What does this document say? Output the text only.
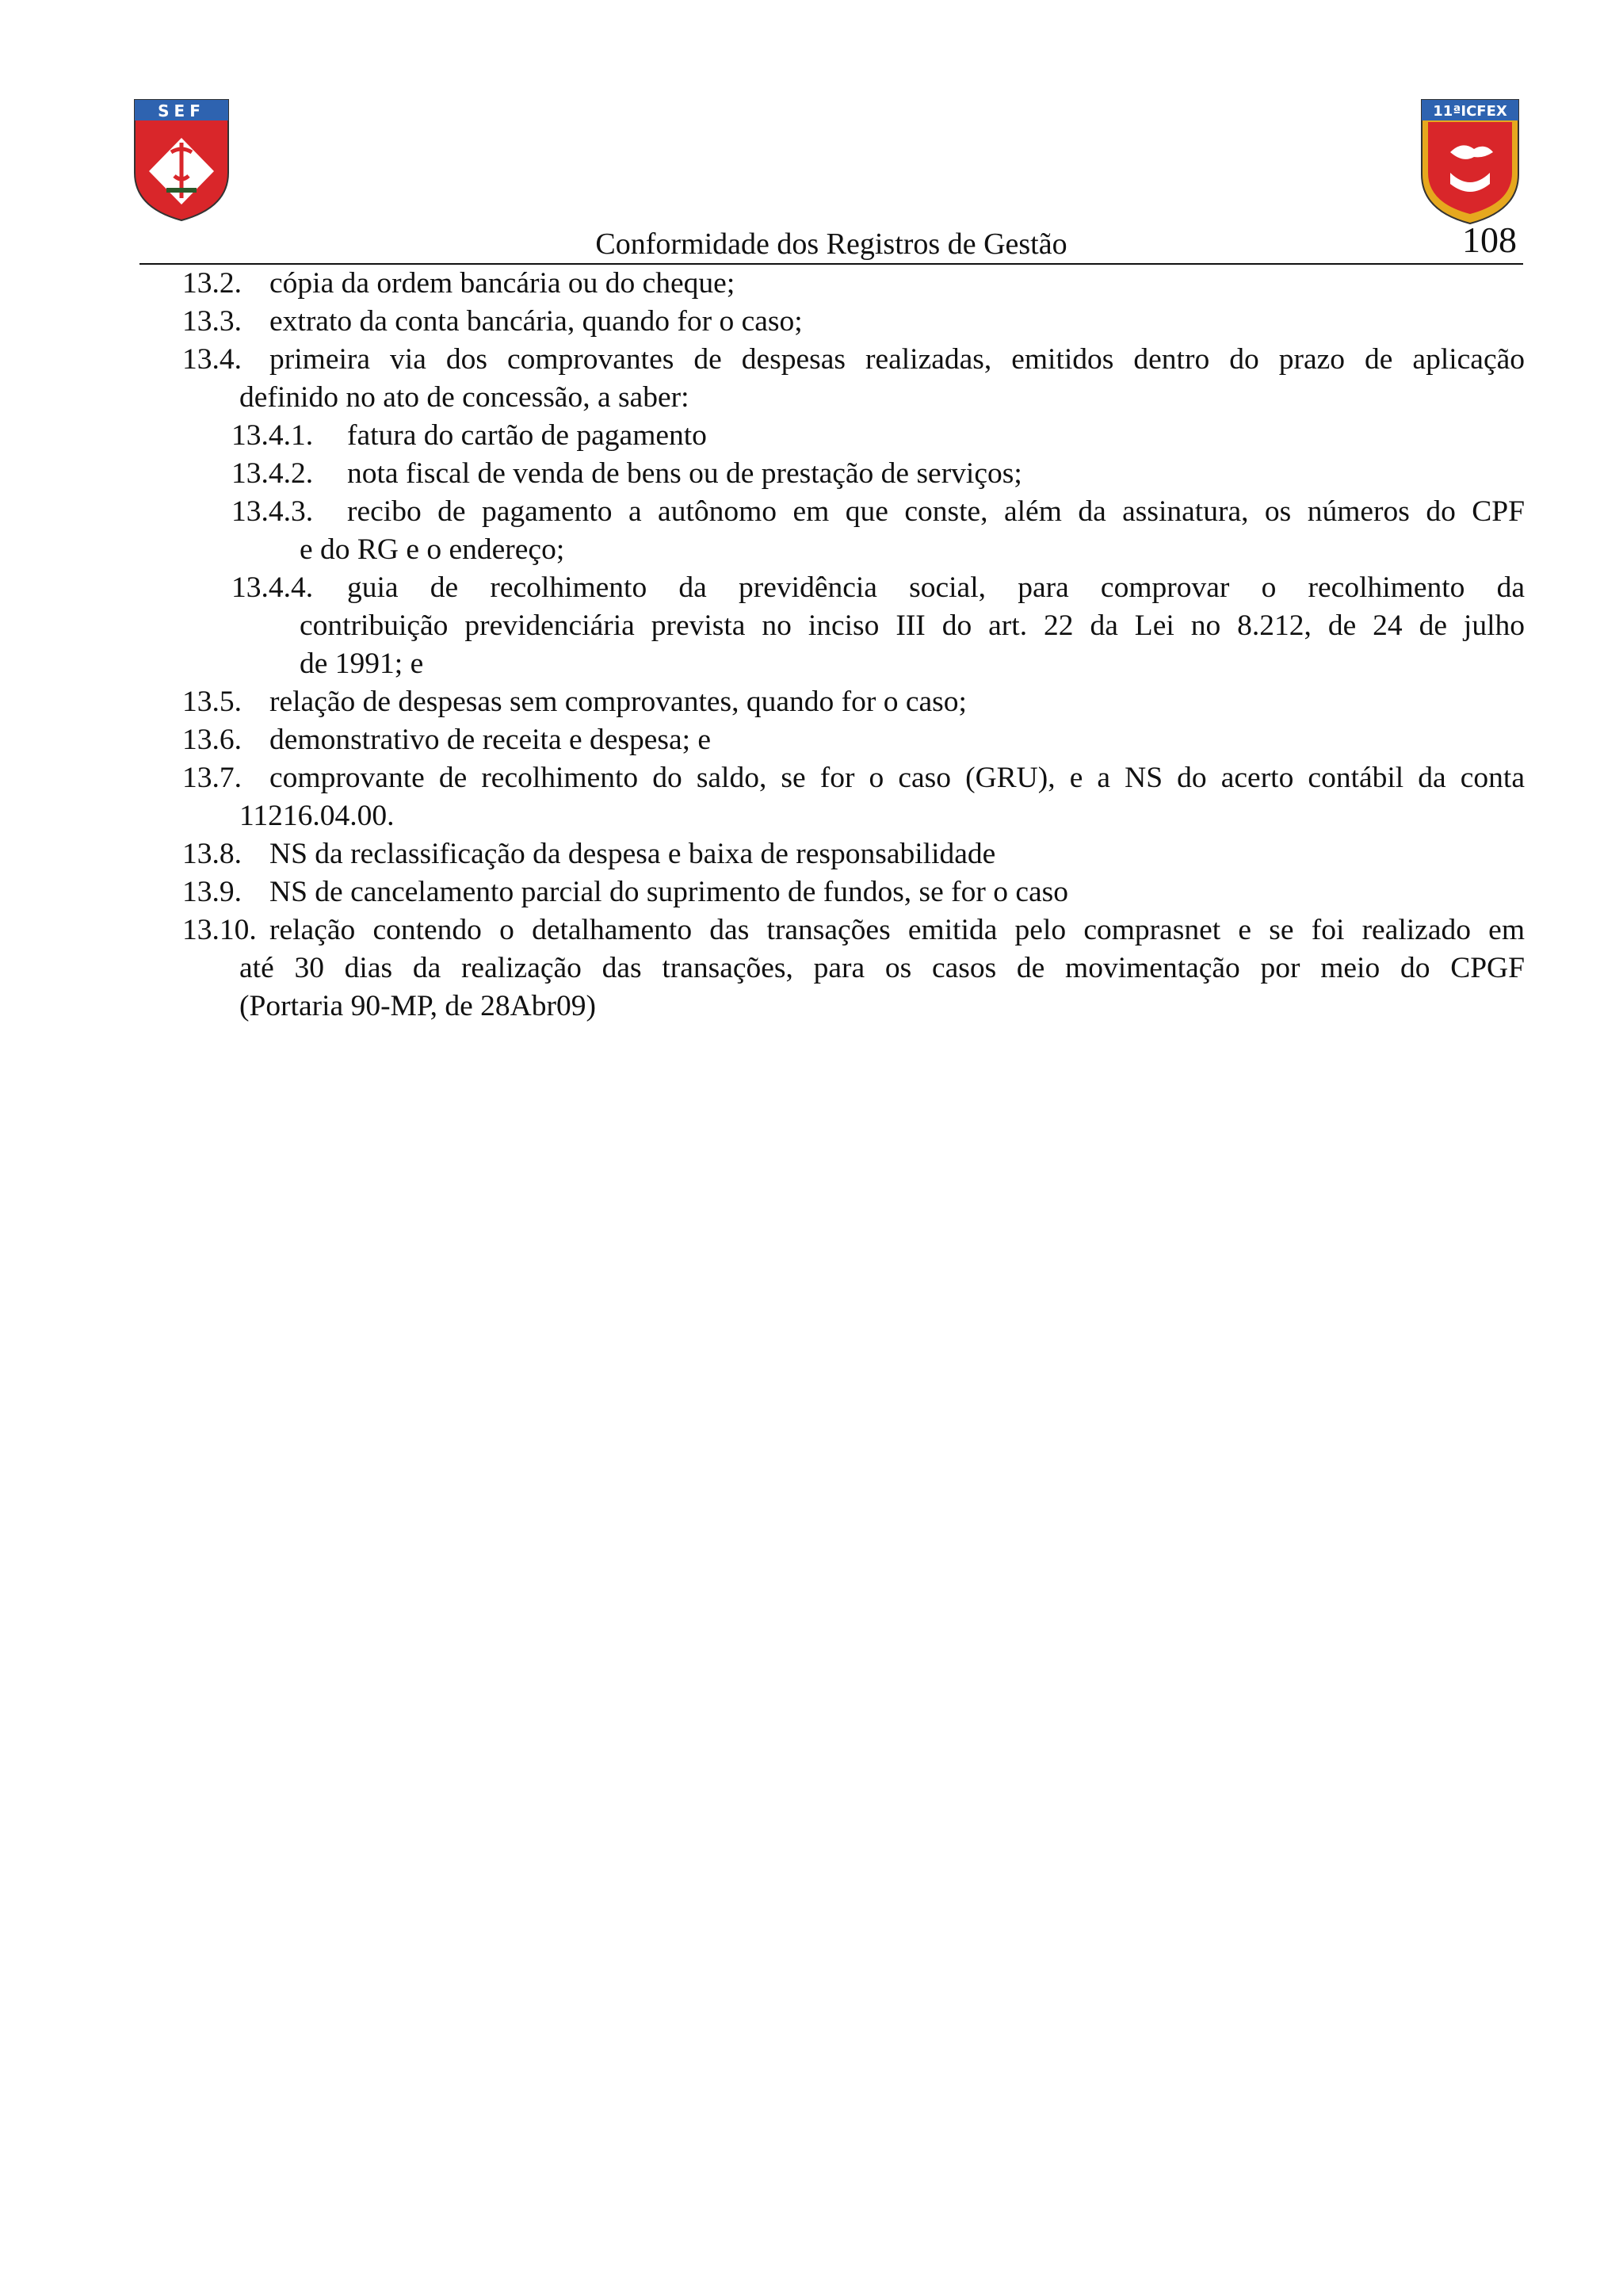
SEF	11ªICFEX
Conformidade dos Registros de Gestão	108
13.2. cópia da ordem bancária ou do cheque;
13.3. extrato da conta bancária, quando for o caso;
13.4. primeira via dos comprovantes de despesas realizadas, emitidos dentro do prazo de aplicação
definido no ato de concessão, a saber:
13.4.1. fatura do cartão de pagamento
13.4.2. nota fiscal de venda de bens ou de prestação de serviços;
13.4.3. recibo de pagamento a autônomo em que conste, além da assinatura, os números do CPF
e do RG e o endereço;
13.4.4. guia de recolhimento da previdência social, para comprovar o recolhimento da
contribuição previdenciária prevista no inciso III do art. 22 da Lei no 8.212, de 24 de julho
de 1991; e
13.5. relação de despesas sem comprovantes, quando for o caso;
13.6. demonstrativo de receita e despesa; e
13.7. comprovante de recolhimento do saldo, se for o caso (GRU), e a NS do acerto contábil da conta
11216.04.00.
13.8. NS da reclassificação da despesa e baixa de responsabilidade
13.9. NS de cancelamento parcial do suprimento de fundos, se for o caso
13.10. relação contendo o detalhamento das transações emitida pelo comprasnet e se foi realizado em
até 30 dias da realização das transações, para os casos de movimentação por meio do CPGF
(Portaria 90-MP, de 28Abr09)
